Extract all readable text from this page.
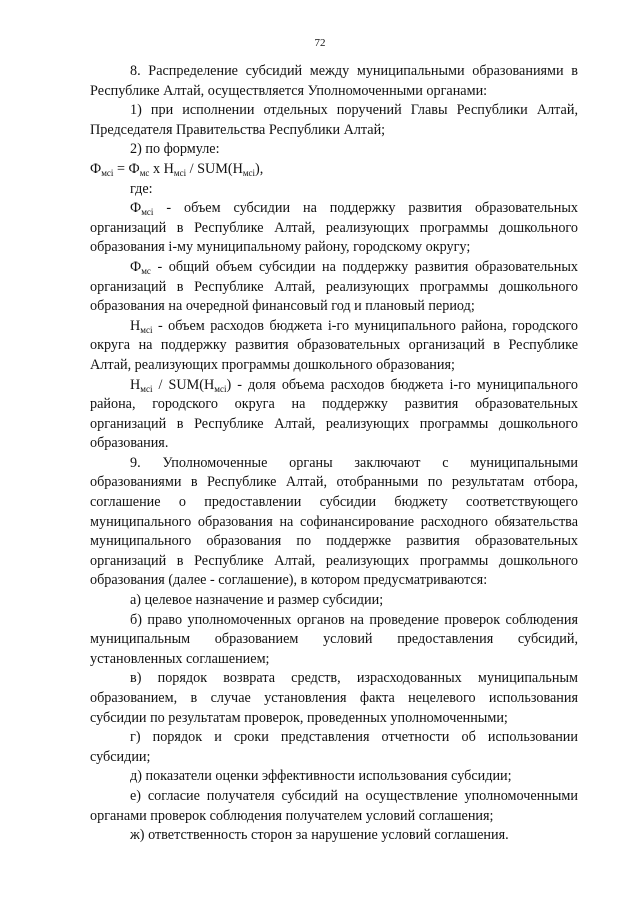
72

8. Распределение субсидий между муниципальными образованиями в Республике Алтай, осуществляется Уполномоченными органами:

1) при исполнении отдельных поручений Главы Республики Алтай, Председателя Правительства Республики Алтай;

2) по формуле:

$Ф_{мсi} = Ф_{мс}$ x $Н_{мсi} / SUM(Н_{мсi})$,

где:

$Ф_{мсi}$ - объем субсидии на поддержку развития образовательных организаций в Республике Алтай, реализующих программы дошкольного образования i-му муниципальному району, городскому округу;

$Ф_{мс}$ - общий объем субсидии на поддержку развития образовательных организаций в Республике Алтай, реализующих программы дошкольного образования на очередной финансовый год и плановый период;

$Н_{мсi}$ - объем расходов бюджета i-го муниципального района, городского округа на поддержку развития образовательных организаций в Республике Алтай, реализующих программы дошкольного образования;

$Н_{мсi} / SUM(Н_{мсi})$ - доля объема расходов бюджета i-го муниципального района, городского округа на поддержку развития образовательных организаций в Республике Алтай, реализующих программы дошкольного образования.

9. Уполномоченные органы заключают с муниципальными образованиями в Республике Алтай, отобранными по результатам отбора, соглашение о предоставлении субсидии бюджету соответствующего муниципального образования на софинансирование расходного обязательства муниципального образования по поддержке развития образовательных организаций в Республике Алтай, реализующих программы дошкольного образования (далее - соглашение), в котором предусматриваются:

а) целевое назначение и размер субсидии;

б) право уполномоченных органов на проведение проверок соблюдения муниципальным образованием условий предоставления субсидий, установленных соглашением;

в) порядок возврата средств, израсходованных муниципальным образованием, в случае установления факта нецелевого использования субсидии по результатам проверок, проведенных уполномоченными;

г) порядок и сроки представления отчетности об использовании субсидии;

д) показатели оценки эффективности использования субсидии;

е) согласие получателя субсидий на осуществление уполномоченными органами проверок соблюдения получателем условий соглашения;

ж) ответственность сторон за нарушение условий соглашения.
